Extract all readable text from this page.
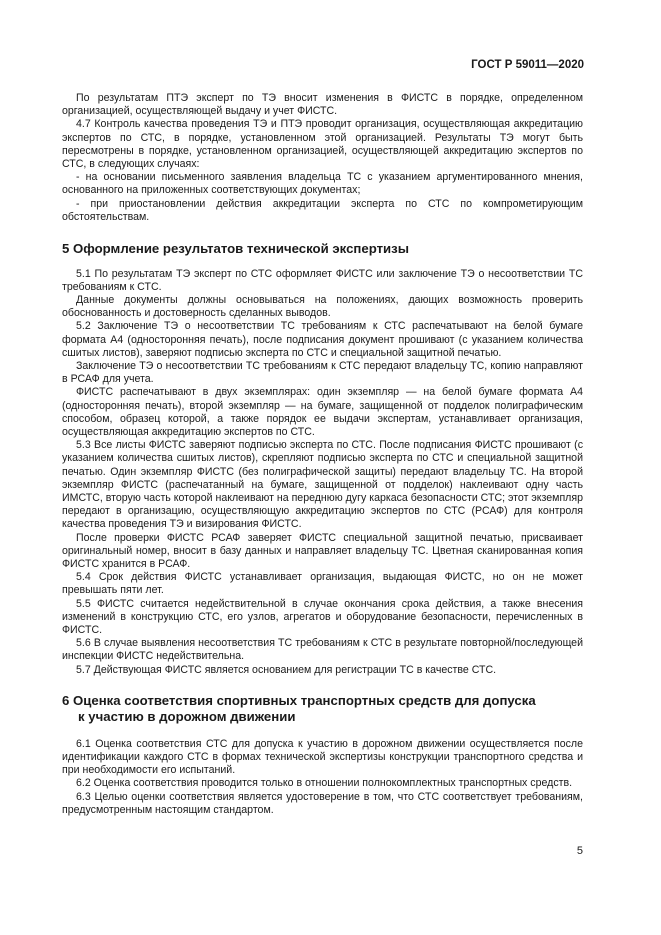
ГОСТ Р 59011—2020

По результатам ПТЭ эксперт по ТЭ вносит изменения в ФИСТС в порядке, определенном организацией, осуществляющей выдачу и учет ФИСТС.

4.7 Контроль качества проведения ТЭ и ПТЭ проводит организация, осуществляющая аккредитацию экспертов по СТС, в порядке, установленном этой организацией. Результаты ТЭ могут быть пересмотрены в порядке, установленном организацией, осуществляющей аккредитацию экспертов по СТС, в следующих случаях:

- на основании письменного заявления владельца ТС с указанием аргументированного мнения, основанного на приложенных соответствующих документах;

- при приостановлении действия аккредитации эксперта по СТС по компрометирующим обстоятельствам.

5 Оформление результатов технической экспертизы

5.1 По результатам ТЭ эксперт по СТС оформляет ФИСТС или заключение ТЭ о несоответствии ТС требованиям к СТС.

Данные документы должны основываться на положениях, дающих возможность проверить обоснованность и достоверность сделанных выводов.

5.2 Заключение ТЭ о несоответствии ТС требованиям к СТС распечатывают на белой бумаге формата А4 (односторонняя печать), после подписания документ прошивают (с указанием количества сшитых листов), заверяют подписью эксперта по СТС и специальной защитной печатью.

Заключение ТЭ о несоответствии ТС требованиям к СТС передают владельцу ТС, копию направляют в РСАФ для учета.

ФИСТС распечатывают в двух экземплярах: один экземпляр — на белой бумаге формата А4 (односторонняя печать), второй экземпляр — на бумаге, защищенной от подделок полиграфическим способом, образец которой, а также порядок ее выдачи экспертам, устанавливает организация, осуществляющая аккредитацию экспертов по СТС.

5.3 Все листы ФИСТС заверяют подписью эксперта по СТС. После подписания ФИСТС прошивают (с указанием количества сшитых листов), скрепляют подписью эксперта по СТС и специальной защитной печатью. Один экземпляр ФИСТС (без полиграфической защиты) передают владельцу ТС. На второй экземпляр ФИСТС (распечатанный на бумаге, защищенной от подделок) наклеивают одну часть ИМСТС, вторую часть которой наклеивают на переднюю дугу каркаса безопасности СТС; этот экземпляр передают в организацию, осуществляющую аккредитацию экспертов по СТС (РСАФ) для контроля качества проведения ТЭ и визирования ФИСТС.

После проверки ФИСТС РСАФ заверяет ФИСТС специальной защитной печатью, присваивает оригинальный номер, вносит в базу данных и направляет владельцу ТС. Цветная сканированная копия ФИСТС хранится в РСАФ.

5.4 Срок действия ФИСТС устанавливает организация, выдающая ФИСТС, но он не может превышать пяти лет.

5.5 ФИСТС считается недействительной в случае окончания срока действия, а также внесения изменений в конструкцию СТС, его узлов, агрегатов и оборудование безопасности, перечисленных в ФИСТС.

5.6 В случае выявления несоответствия ТС требованиям к СТС в результате повторной/последующей инспекции ФИСТС недействительна.

5.7 Действующая ФИСТС является основанием для регистрации ТС в качестве СТС.

6 Оценка соответствия спортивных транспортных средств для допуска
к участию в дорожном движении

6.1 Оценка соответствия СТС для допуска к участию в дорожном движении осуществляется после идентификации каждого СТС в формах технической экспертизы конструкции транспортного средства и при необходимости его испытаний.

6.2 Оценка соответствия проводится только в отношении полнокомплектных транспортных средств.

6.3 Целью оценки соответствия является удостоверение в том, что СТС соответствует требованиям, предусмотренным настоящим стандартом.

5
